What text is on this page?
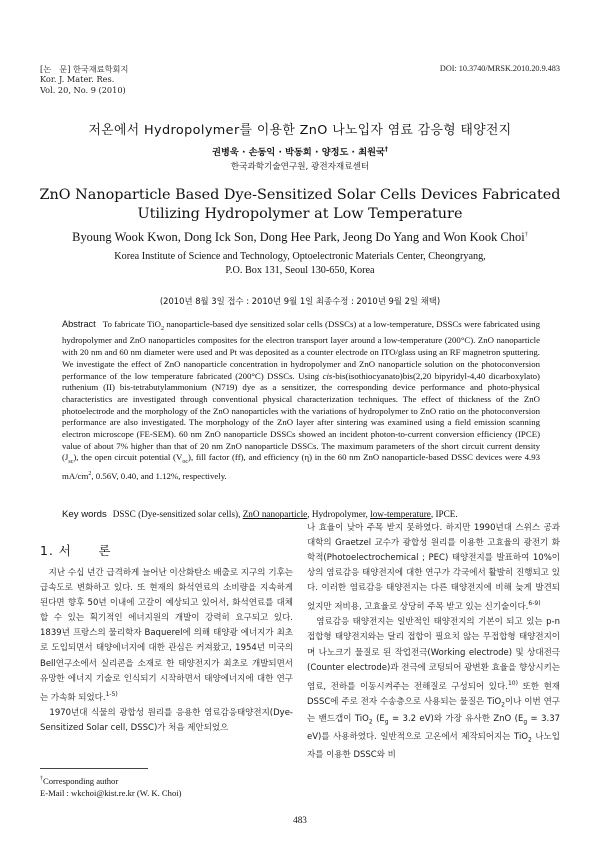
[논　문] 한국재료학회지
Kor. J. Mater. Res.
Vol. 20, No. 9 (2010)
DOI: 10.3740/MRSK.2010.20.9.483
저온에서 Hydropolymer를 이용한 ZnO 나노입자 염료 감응형 태양전지
권병욱 · 손동익 · 박동희 · 양정도 · 최원국†
한국과학기술연구원, 광전자재료센터
ZnO Nanoparticle Based Dye-Sensitized Solar Cells Devices Fabricated
Utilizing Hydropolymer at Low Temperature
Byoung Wook Kwon, Dong Ick Son, Dong Hee Park, Jeong Do Yang and Won Kook Choi†
Korea Institute of Science and Technology, Optoelectronic Materials Center, Cheongryang,
P.O. Box 131, Seoul 130-650, Korea
(2010년 8월 3일 접수 : 2010년 9월 1일 최종수정 : 2010년 9월 2일 채택)
Abstract To fabricate TiO$_2$ nanoparticle-based dye sensitized solar cells (DSSCs) at a low-temperature, DSSCs were fabricated using hydropolymer and ZnO nanoparticles composites for the electron transport layer around a low-temperature (200°C). ZnO nanoparticle with 20 nm and 60 nm diameter were used and Pt was deposited as a counter electrode on ITO/glass using an RF magnetron sputtering. We investigate the effect of ZnO nanoparticle concentration in hydropolymer and ZnO nanoparticle solution on the photoconversion performance of the low temperature fabricated (200°C) DSSCs. Using cis-bis(isothiocyanato)bis(2,20 bipyridyl-4,40 dicarboxylato) ruthenium (II) bis-tetrabutylammonium (N719) dye as a sensitizer, the corresponding device performance and photo-physical characteristics are investigated through conventional physical characterization techniques. The effect of thickness of the ZnO photoelectrode and the morphology of the ZnO nanoparticles with the variations of hydropolymer to ZnO ratio on the photoconversion performance are also investigated. The morphology of the ZnO layer after sintering was examined using a field emission scanning electron microscope (FE-SEM). 60 nm ZnO nanoparticle DSSCs showed an incident photon-to-current conversion efficiency (IPCE) value of about 7% higher than that of 20 nm ZnO nanoparticle DSSCs. The maximum parameters of the short circuit current density $(J_{sc})$, the open circuit potential $(V_{oc})$, fill factor (ff), and efficiency (η) in the 60 nm ZnO nanoparticle-based DSSC devices were 4.93 $mA/cm^2$, 0.56V, 0.40, and 1.12%, respectively.
Key words DSSC (Dye-sensitized solar cells), ZnO nanoparticle, Hydropolymer, low-temperature, IPCE.
1. 서　　론

　지난 수십 년간 급격하게 늘어난 이산화탄소 배출로 지구의 기후는 급속도로 변화하고 있다. 또 현재의 화석연료의 소비량을 지속하게 된다면 향후 50년 이내에 고갈이 예상되고 있어서, 화석연료를 대체할 수 있는 획기적인 에너지원의 개발이 강력히 요구되고 있다. 1839년 프랑스의 물리학자 Baquerel에 의해 태양광 에너지가 최초로 도입되면서 태양에너지에 대한 관심은 커져왔고, 1954년 미국의 Bell연구소에서 실리콘을 소재로 한 태양전지가 최초로 개발되면서 유망한 에너지 기술로 인식되기 시작하면서 태양에너지에 대한 연구는 가속화 되었다.$^{1-5)}$

　1970년대 식물의 광합성 원리를 응용한 염료감응태양전지(Dye-Sensitized Solar cell, DSSC)가 처음 제안되었으

†Corresponding author
E-Mail : wkchoi@kist.re.kr (W. K. Choi)

나 효율이 낮아 주목 받지 못하였다. 하지만 1990년대 스위스 공과대학의 Graetzel 교수가 광합성 원리를 이용한 고효율의 광전기 화학적(Photoelectrochemical ; PEC) 태양전지를 발표하여 10%이상의 염료감응 태양전지에 대한 연구가 각국에서 활발히 진행되고 있다. 이러한 염료감응 태양전지는 다른 태양전지에 비해 늦게 발견되었지만 저비용, 고효율로 상당히 주목 받고 있는 신기술이다.$^{6-9)}$

　염료감응 태양전지는 일반적인 태양전지의 기본이 되고 있는 p-n 접합형 태양전지와는 달리 접합이 필요치 않는 무접합형 태양전지이며 나노크기 물질로 된 작업전극(Working electrode) 및 상대전극(Counter electrode)과 전극에 코팅되어 광변환 효율을 향상시키는 염료, 전하를 이동시켜주는 전해질로 구성되어 있다.$^{10)}$ 또한 현재 DSSC에 주로 전자 수송층으로 사용되는 물질은 TiO$_2$이나 이번 연구는 밴드갭이 TiO$_2$ ($E_g = 3.2$ eV)와 가장 유사한 ZnO ($E_g = 3.37$ eV)를 사용하였다. 일반적으로 고온에서 제작되어지는 TiO$_2$ 나노입자를 이용한 DSSC와 비

483
